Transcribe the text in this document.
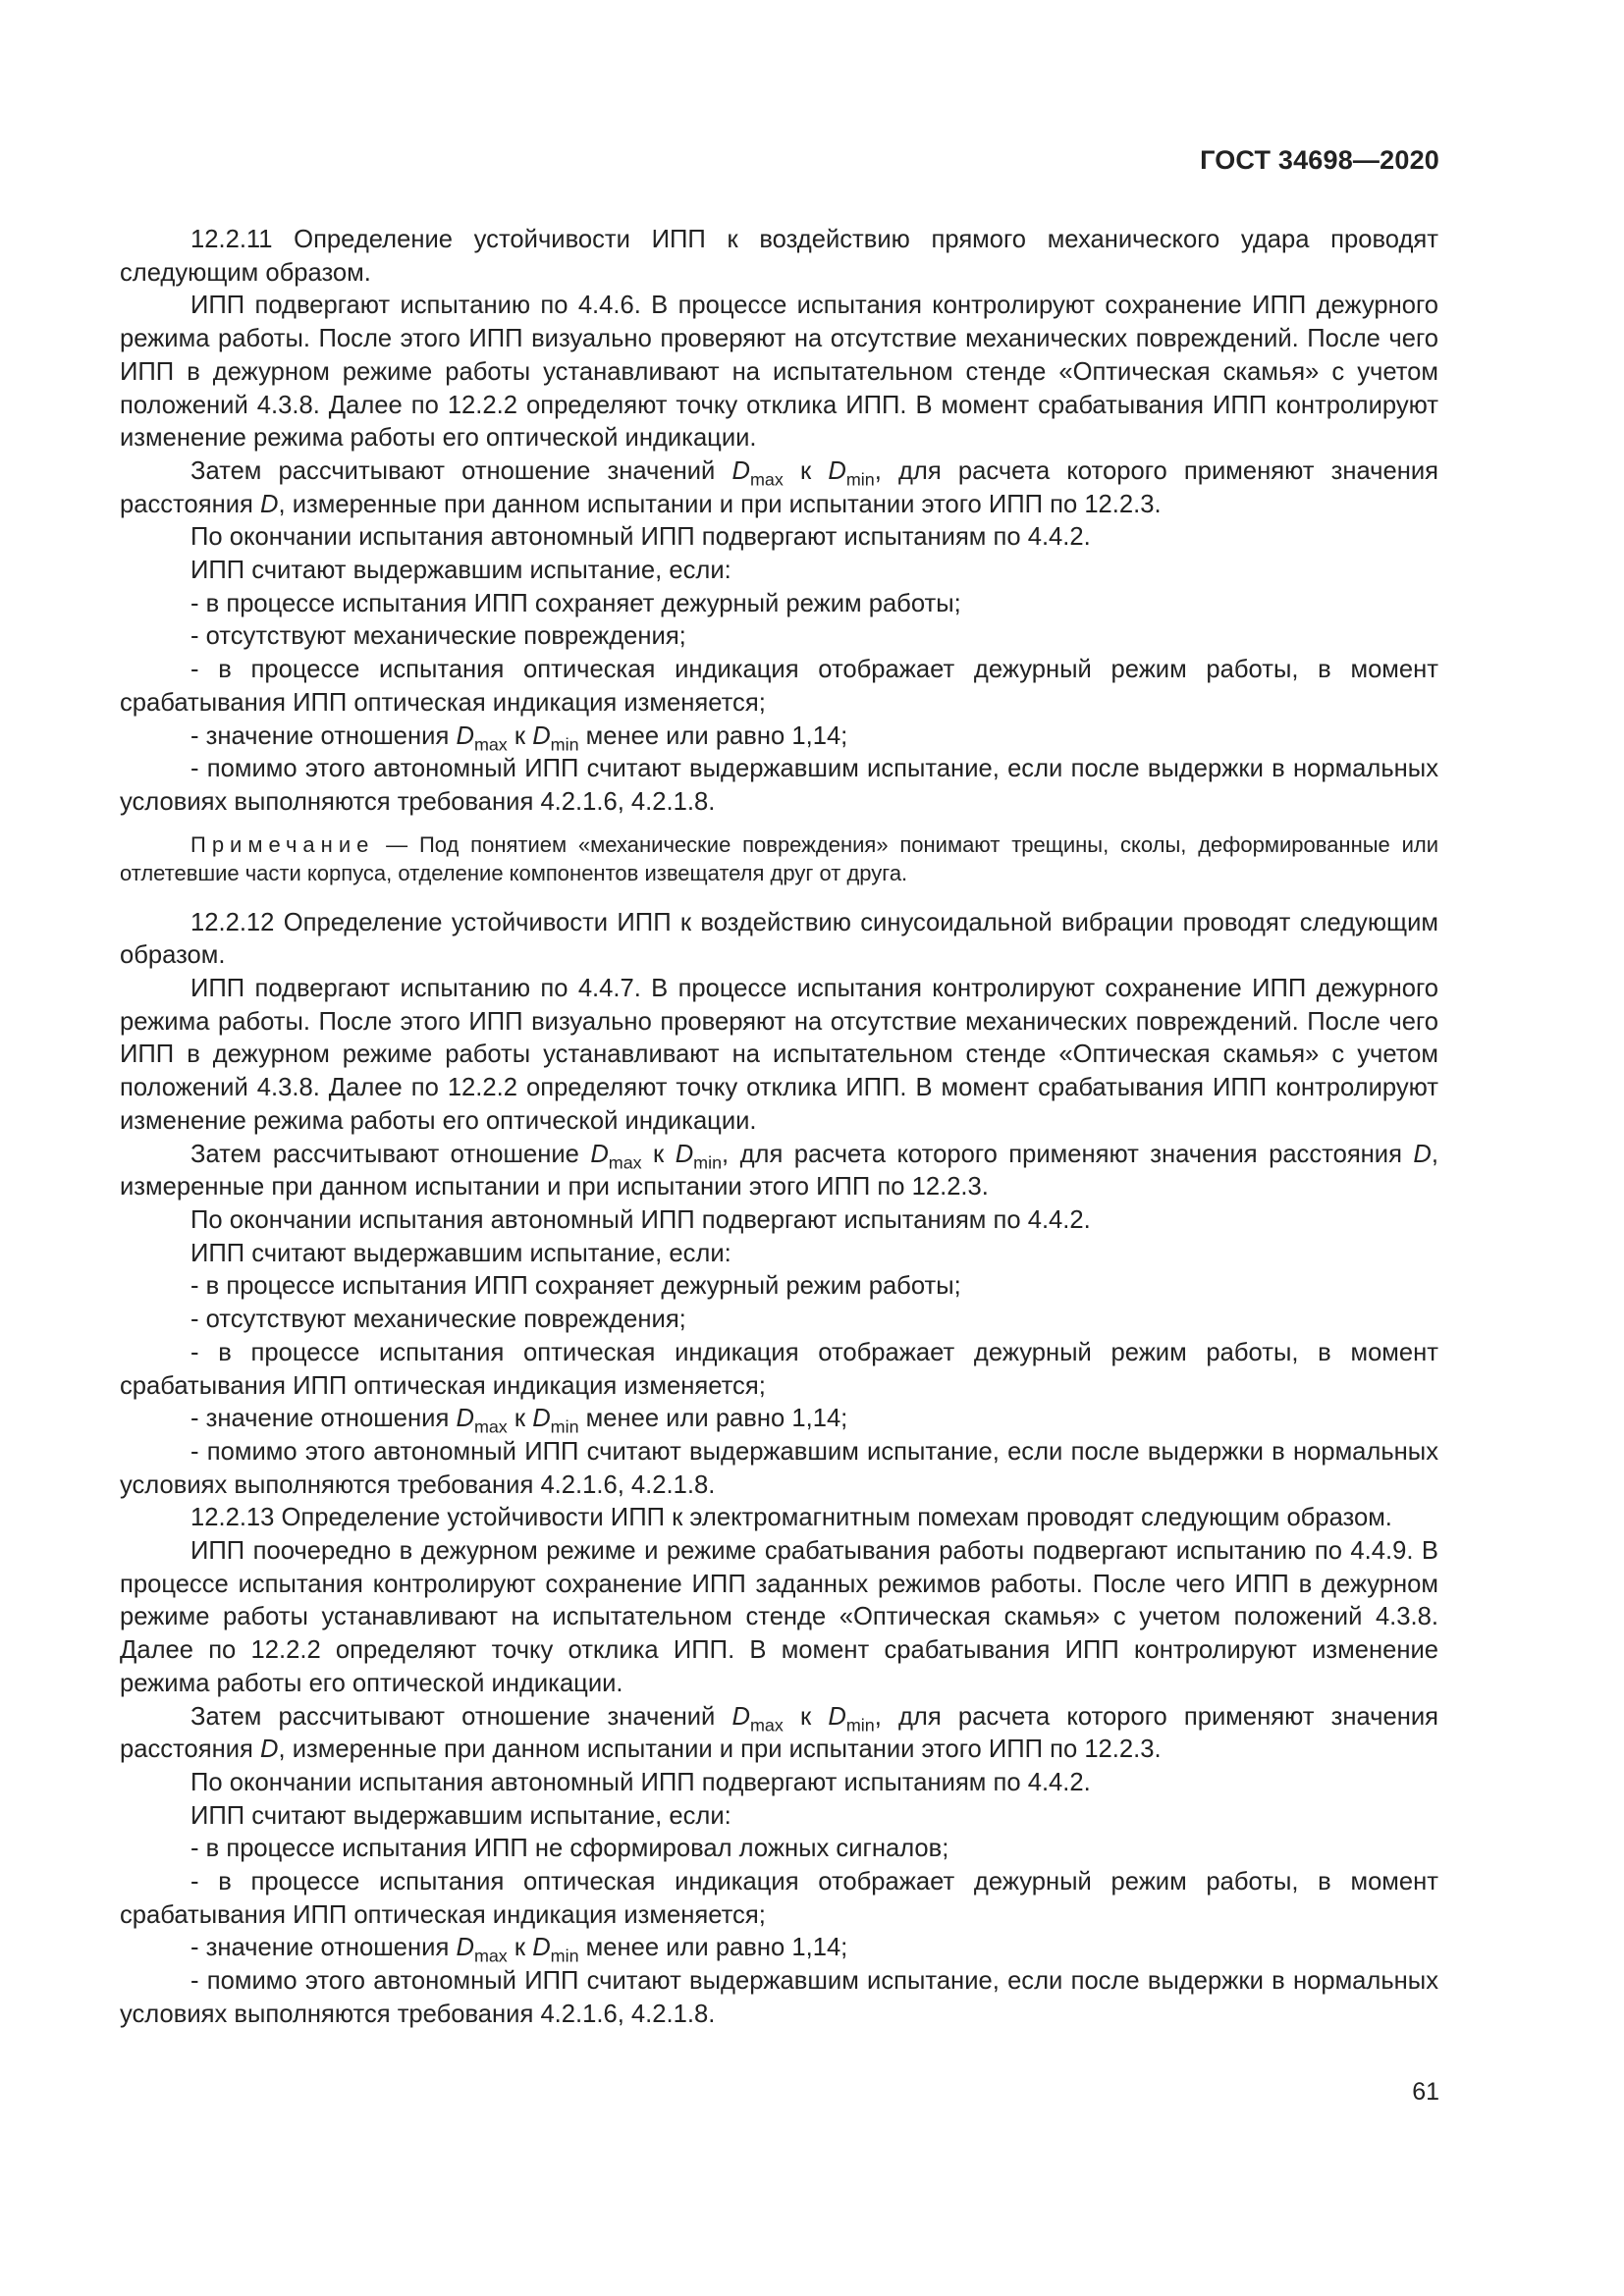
ГОСТ 34698—2020

12.2.11 Определение устойчивости ИПП к воздействию прямого механического удара проводят следующим образом.

ИПП подвергают испытанию по 4.4.6. В процессе испытания контролируют сохранение ИПП дежурного режима работы. После этого ИПП визуально проверяют на отсутствие механических повреждений. После чего ИПП в дежурном режиме работы устанавливают на испытательном стенде «Оптическая скамья» с учетом положений 4.3.8. Далее по 12.2.2 определяют точку отклика ИПП. В момент срабатывания ИПП контролируют изменение режима работы его оптической индикации.

Затем рассчитывают отношение значений $D_{max}$ к $D_{min}$, для расчета которого применяют значения расстояния D, измеренные при данном испытании и при испытании этого ИПП по 12.2.3.

По окончании испытания автономный ИПП подвергают испытаниям по 4.4.2.

ИПП считают выдержавшим испытание, если:

- в процессе испытания ИПП сохраняет дежурный режим работы;

- отсутствуют механические повреждения;

- в процессе испытания оптическая индикация отображает дежурный режим работы, в момент срабатывания ИПП оптическая индикация изменяется;

- значение отношения $D_{max}$ к $D_{min}$ менее или равно 1,14;

- помимо этого автономный ИПП считают выдержавшим испытание, если после выдержки в нормальных условиях выполняются требования 4.2.1.6, 4.2.1.8.

Примечание — Под понятием «механические повреждения» понимают трещины, сколы, деформированные или отлетевшие части корпуса, отделение компонентов извещателя друг от друга.

12.2.12 Определение устойчивости ИПП к воздействию синусоидальной вибрации проводят следующим образом.

ИПП подвергают испытанию по 4.4.7. В процессе испытания контролируют сохранение ИПП дежурного режима работы. После этого ИПП визуально проверяют на отсутствие механических повреждений. После чего ИПП в дежурном режиме работы устанавливают на испытательном стенде «Оптическая скамья» с учетом положений 4.3.8. Далее по 12.2.2 определяют точку отклика ИПП. В момент срабатывания ИПП контролируют изменение режима работы его оптической индикации.

Затем рассчитывают отношение $D_{max}$ к $D_{min}$, для расчета которого применяют значения расстояния D, измеренные при данном испытании и при испытании этого ИПП по 12.2.3.

По окончании испытания автономный ИПП подвергают испытаниям по 4.4.2.

ИПП считают выдержавшим испытание, если:

- в процессе испытания ИПП сохраняет дежурный режим работы;

- отсутствуют механические повреждения;

- в процессе испытания оптическая индикация отображает дежурный режим работы, в момент срабатывания ИПП оптическая индикация изменяется;

- значение отношения $D_{max}$ к $D_{min}$ менее или равно 1,14;

- помимо этого автономный ИПП считают выдержавшим испытание, если после выдержки в нормальных условиях выполняются требования 4.2.1.6, 4.2.1.8.

12.2.13 Определение устойчивости ИПП к электромагнитным помехам проводят следующим образом.

ИПП поочередно в дежурном режиме и режиме срабатывания работы подвергают испытанию по 4.4.9. В процессе испытания контролируют сохранение ИПП заданных режимов работы. После чего ИПП в дежурном режиме работы устанавливают на испытательном стенде «Оптическая скамья» с учетом положений 4.3.8. Далее по 12.2.2 определяют точку отклика ИПП. В момент срабатывания ИПП контролируют изменение режима работы его оптической индикации.

Затем рассчитывают отношение значений $D_{max}$ к $D_{min}$, для расчета которого применяют значения расстояния D, измеренные при данном испытании и при испытании этого ИПП по 12.2.3.

По окончании испытания автономный ИПП подвергают испытаниям по 4.4.2.

ИПП считают выдержавшим испытание, если:

- в процессе испытания ИПП не сформировал ложных сигналов;

- в процессе испытания оптическая индикация отображает дежурный режим работы, в момент срабатывания ИПП оптическая индикация изменяется;

- значение отношения $D_{max}$ к $D_{min}$ менее или равно 1,14;

- помимо этого автономный ИПП считают выдержавшим испытание, если после выдержки в нормальных условиях выполняются требования 4.2.1.6, 4.2.1.8.

61
